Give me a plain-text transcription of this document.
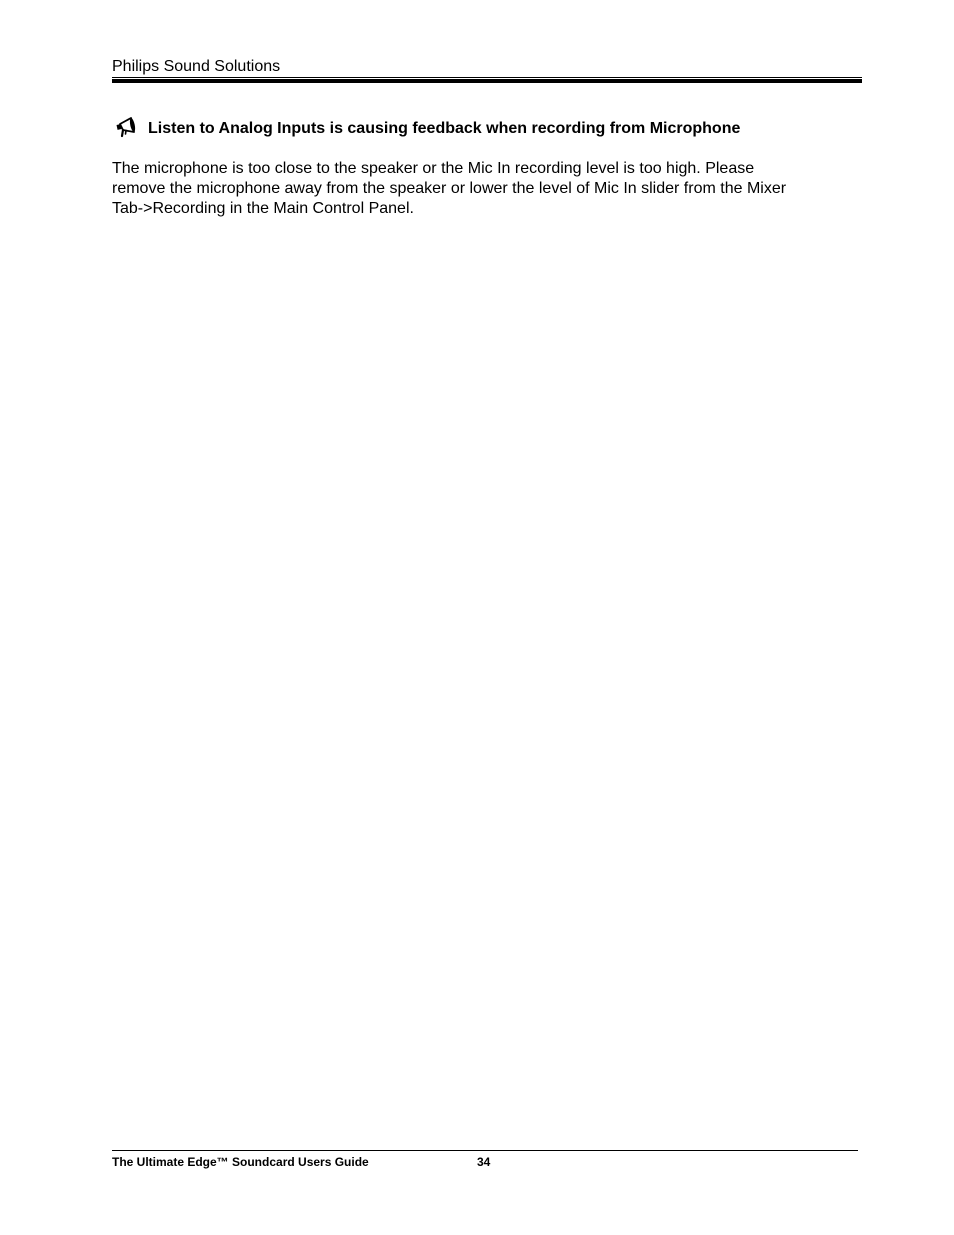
Philips Sound Solutions
Listen to Analog Inputs is causing feedback when recording from Microphone
The microphone is too close to the speaker or the Mic In recording level is too high. Please
remove the microphone away from the speaker or lower the level of Mic In slider from the Mixer
Tab->Recording in the Main Control Panel.
The Ultimate Edge™ Soundcard Users Guide	34
